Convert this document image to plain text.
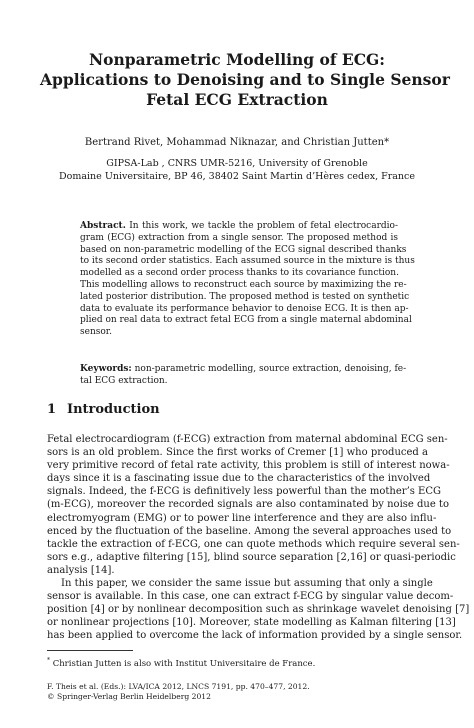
Nonparametric Modelling of ECG:
Applications to Denoising and to Single Sensor
Fetal ECG Extraction
Bertrand Rivet, Mohammad Niknazar, and Christian Jutten*
GIPSA-Lab , CNRS UMR-5216, University of Grenoble
Domaine Universitaire, BP 46, 38402 Saint Martin d’Hères cedex, France
Abstract. In this work, we tackle the problem of fetal electrocardio-
gram (ECG) extraction from a single sensor. The proposed method is
based on non-parametric modelling of the ECG signal described thanks
to its second order statistics. Each assumed source in the mixture is thus
modelled as a second order process thanks to its covariance function.
This modelling allows to reconstruct each source by maximizing the re-
lated posterior distribution. The proposed method is tested on synthetic
data to evaluate its performance behavior to denoise ECG. It is then ap-
plied on real data to extract fetal ECG from a single maternal abdominal
sensor.
Keywords: non-parametric modelling, source extraction, denoising, fe-
tal ECG extraction.
1 Introduction
Fetal electrocardiogram (f-ECG) extraction from maternal abdominal ECG sen-
sors is an old problem. Since the first works of Cremer [1] who produced a
very primitive record of fetal rate activity, this problem is still of interest nowa-
days since it is a fascinating issue due to the characteristics of the involved
signals. Indeed, the f-ECG is definitively less powerful than the mother’s ECG
(m-ECG), moreover the recorded signals are also contaminated by noise due to
electromyogram (EMG) or to power line interference and they are also influ-
enced by the fluctuation of the baseline. Among the several approaches used to
tackle the extraction of f-ECG, one can quote methods which require several sen-
sors e.g., adaptive filtering [15], blind source separation [2,16] or quasi-periodic
analysis [14].
In this paper, we consider the same issue but assuming that only a single
sensor is available. In this case, one can extract f-ECG by singular value decom-
position [4] or by nonlinear decomposition such as shrinkage wavelet denoising [7]
or nonlinear projections [10]. Moreover, state modelling as Kalman filtering [13]
has been applied to overcome the lack of information provided by a single sensor.
* Christian Jutten is also with Institut Universitaire de France.
F. Theis et al. (Eds.): LVA/ICA 2012, LNCS 7191, pp. 470–477, 2012.
© Springer-Verlag Berlin Heidelberg 2012
